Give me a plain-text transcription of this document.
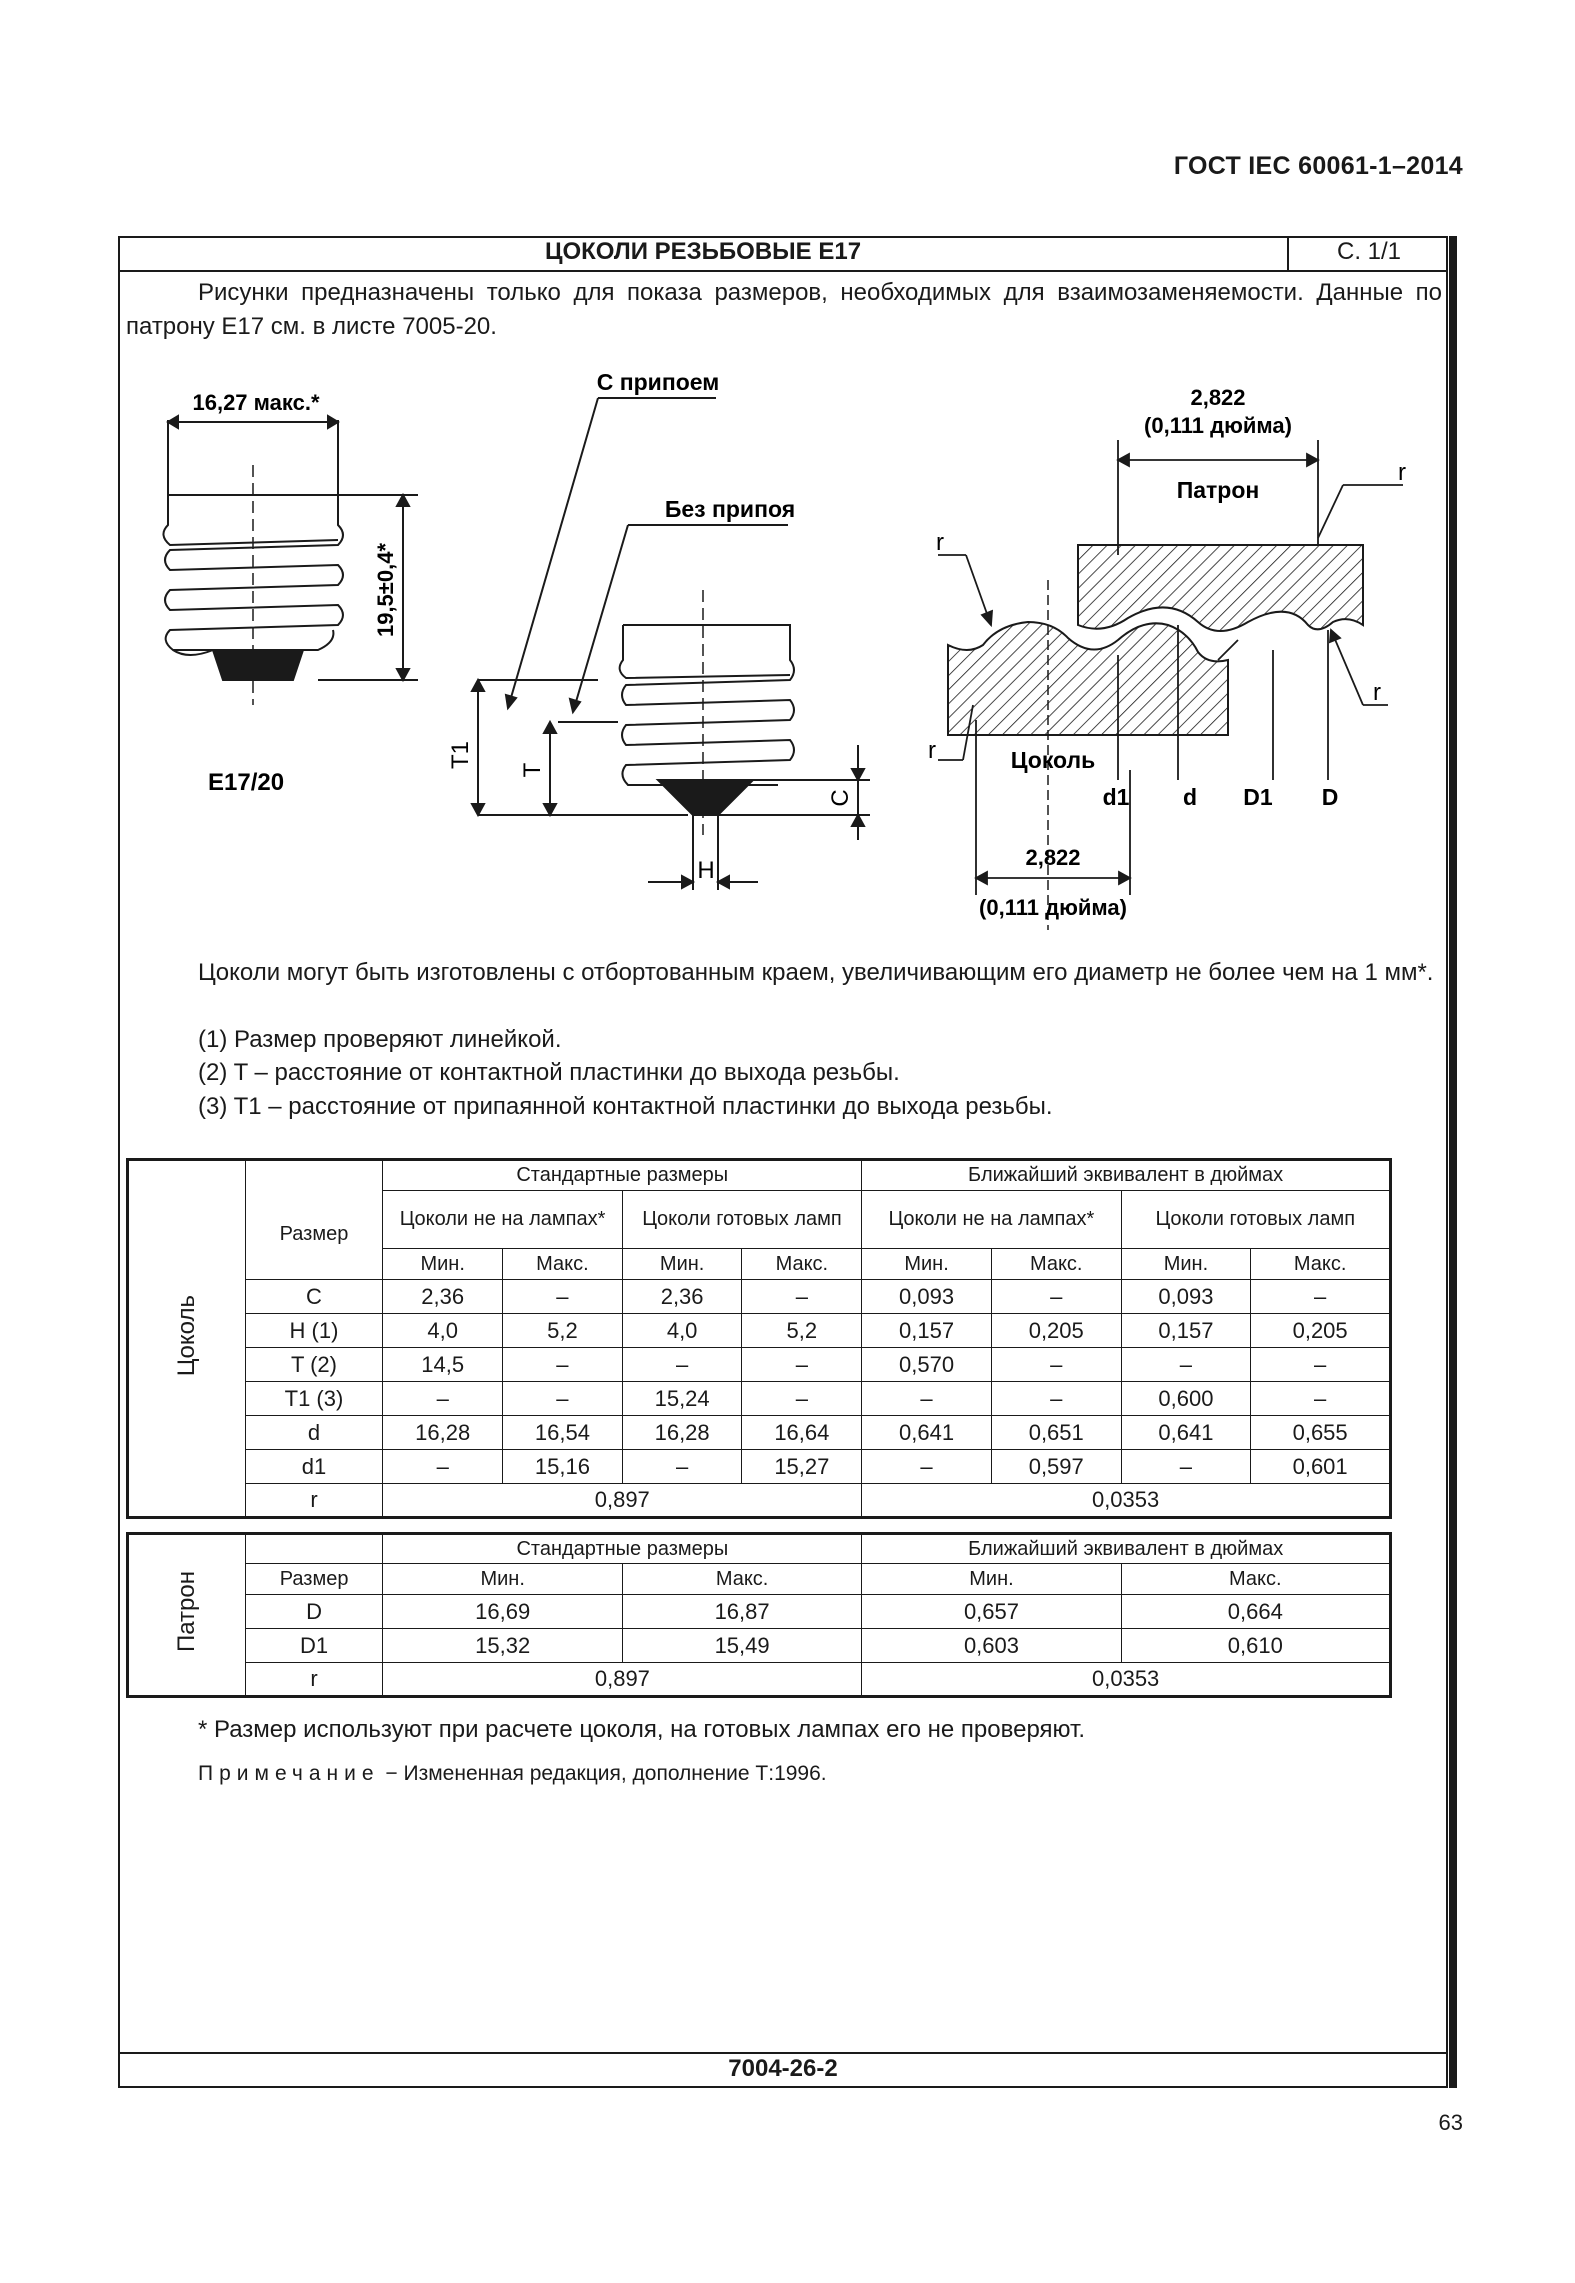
ГОСТ IEC 60061-1–2014
ЦОКОЛИ РЕЗЬБОВЫЕ E17	С. 1/1
Рисунки предназначены только для показа размеров, необходимых для взаимозаменяемости. Данные по патрону E17 см. в листе 7005-20.
16,27 макс.*
19,5±0,4*
E17/20
С припоем
Без припоя
T1
T
C
H
2,822
(0,111 дюйма)
Патрон
r
r
r
r
Цоколь
d1 d D1 D
2,822
(0,111 дюйма)
Цоколи могут быть изготовлены с отбортованным краем, увеличивающим его диаметр не более чем на 1 мм*.
(1) Размер проверяют линейкой.
(2) T – расстояние от контактной пластинки до выхода резьбы.
(3) T1 – расстояние от припаянной контактной пластинки до выхода резьбы.
Цоколь		Стандартные размеры				Ближайший эквивалент в дюймах			
	Размер	Цоколи не на лампах*		Цоколи готовых ламп		Цоколи не на лампах*		Цоколи готовых ламп	
		Мин.	Макс.	Мин.	Макс.	Мин.	Макс.	Мин.	Макс.
	C	2,36	–	2,36	–	0,093	–	0,093	–
	H (1)	4,0	5,2	4,0	5,2	0,157	0,205	0,157	0,205
	T (2)	14,5	–	–	–	0,570	–	–	–
	T1 (3)	–	–	15,24	–	–	–	0,600	–
	d	16,28	16,54	16,28	16,64	0,641	0,651	0,641	0,655
	d1	–	15,16	–	15,27	–	0,597	–	0,601
	r	0,897				0,0353			
Патрон		Стандартные размеры		Ближайший эквивалент в дюймах	
	Размер	Мин.	Макс.	Мин.	Макс.
	D	16,69	16,87	0,657	0,664
	D1	15,32	15,49	0,603	0,610
	r	0,897		0,0353	
* Размер используют при расчете цоколя, на готовых лампах его не проверяют.
Примечание − Измененная редакция, дополнение Т:1996.
7004-26-2
63
